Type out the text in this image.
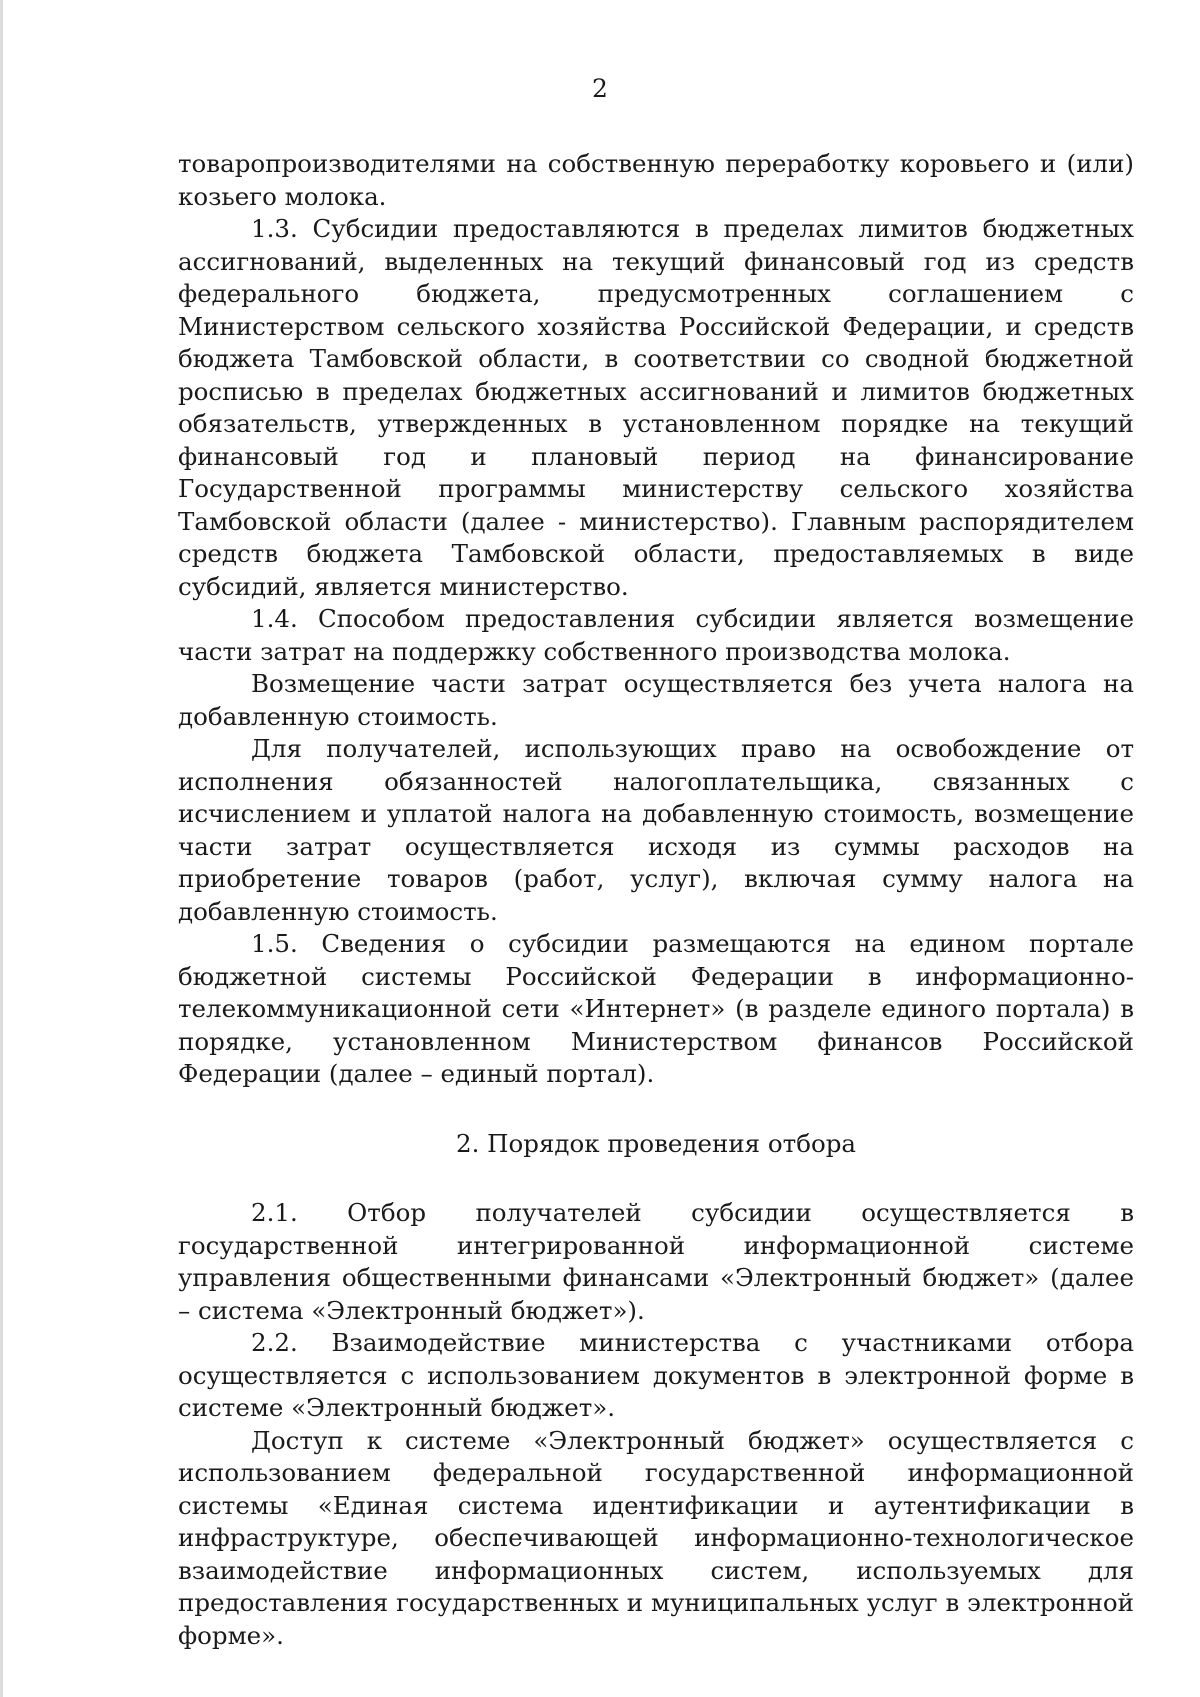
2

товаропроизводителями на собственную переработку коровьего и (или) козьего молока.

1.3. Субсидии предоставляются в пределах лимитов бюджетных ассигнований, выделенных на текущий финансовый год из средств федерального бюджета, предусмотренных соглашением с Министерством сельского хозяйства Российской Федерации, и средств бюджета Тамбовской области, в соответствии со сводной бюджетной росписью в пределах бюджетных ассигнований и лимитов бюджетных обязательств, утвержденных в установленном порядке на текущий финансовый год и плановый период на финансирование Государственной программы министерству сельского хозяйства Тамбовской области (далее - министерство). Главным распорядителем средств бюджета Тамбовской области, предоставляемых в виде субсидий, является министерство.

1.4. Способом предоставления субсидии является возмещение части затрат на поддержку собственного производства молока.

Возмещение части затрат осуществляется без учета налога на добавленную стоимость.

Для получателей, использующих право на освобождение от исполнения обязанностей налогоплательщика, связанных с исчислением и уплатой налога на добавленную стоимость, возмещение части затрат осуществляется исходя из суммы расходов на приобретение товаров (работ, услуг), включая сумму налога на добавленную стоимость.

1.5. Сведения о субсидии размещаются на едином портале бюджетной системы Российской Федерации в информационно-телекоммуникационной сети «Интернет» (в разделе единого портала) в порядке, установленном Министерством финансов Российской Федерации (далее – единый портал).

2. Порядок проведения отбора

2.1. Отбор получателей субсидии осуществляется в государственной интегрированной информационной системе управления общественными финансами «Электронный бюджет» (далее – система «Электронный бюджет»).

2.2. Взаимодействие министерства с участниками отбора осуществляется с использованием документов в электронной форме в системе «Электронный бюджет».

Доступ к системе «Электронный бюджет» осуществляется с использованием федеральной государственной информационной системы «Единая система идентификации и аутентификации в инфраструктуре, обеспечивающей информационно-технологическое взаимодействие информационных систем, используемых для предоставления государственных и муниципальных услуг в электронной форме».
